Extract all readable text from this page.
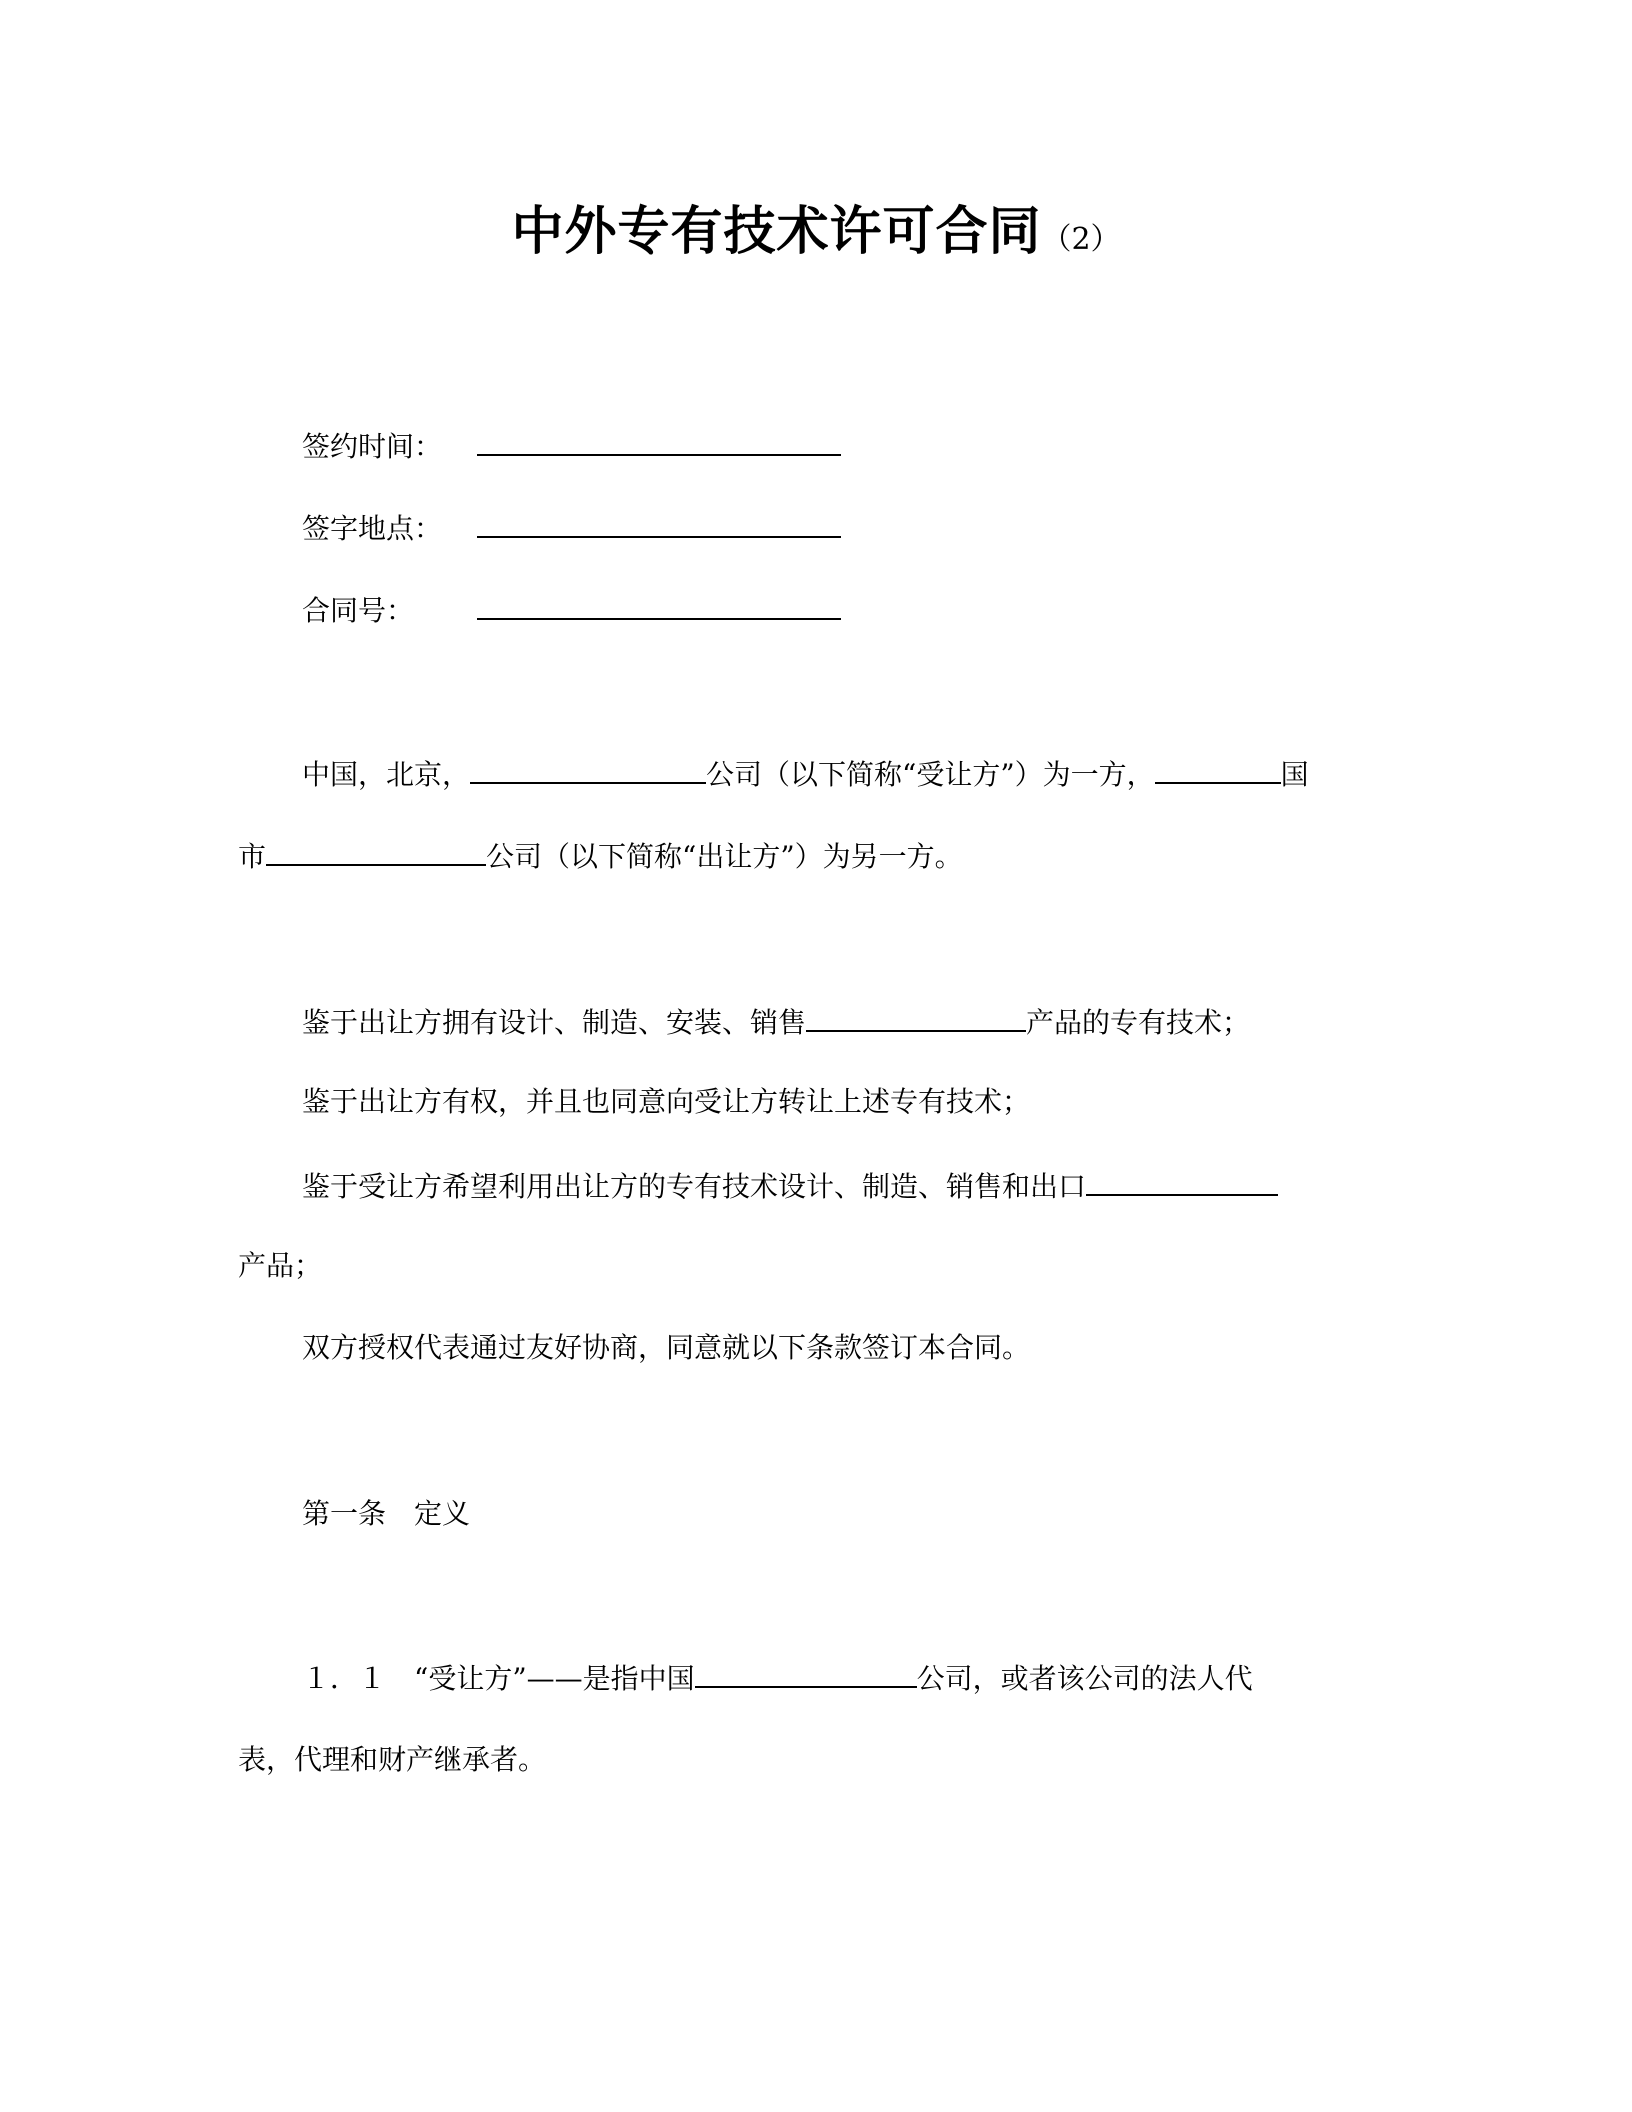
中外专有技术许可合同（2）
签约时间：
签字地点：
合同号：
中国，北京，	公司（以下简称“受让方”）为一方，	国
市	公司（以下简称“出让方”）为另一方。
鉴于出让方拥有设计、制造、安装、销售	产品的专有技术；
鉴于出让方有权，并且也同意向受让方转让上述专有技术；
鉴于受让方希望利用出让方的专有技术设计、制造、销售和出口
产品；
双方授权代表通过友好协商，同意就以下条款签订本合同。
第一条　定义
１．１　“受让方”——是指中国	公司，或者该公司的法人代
表，代理和财产继承者。
